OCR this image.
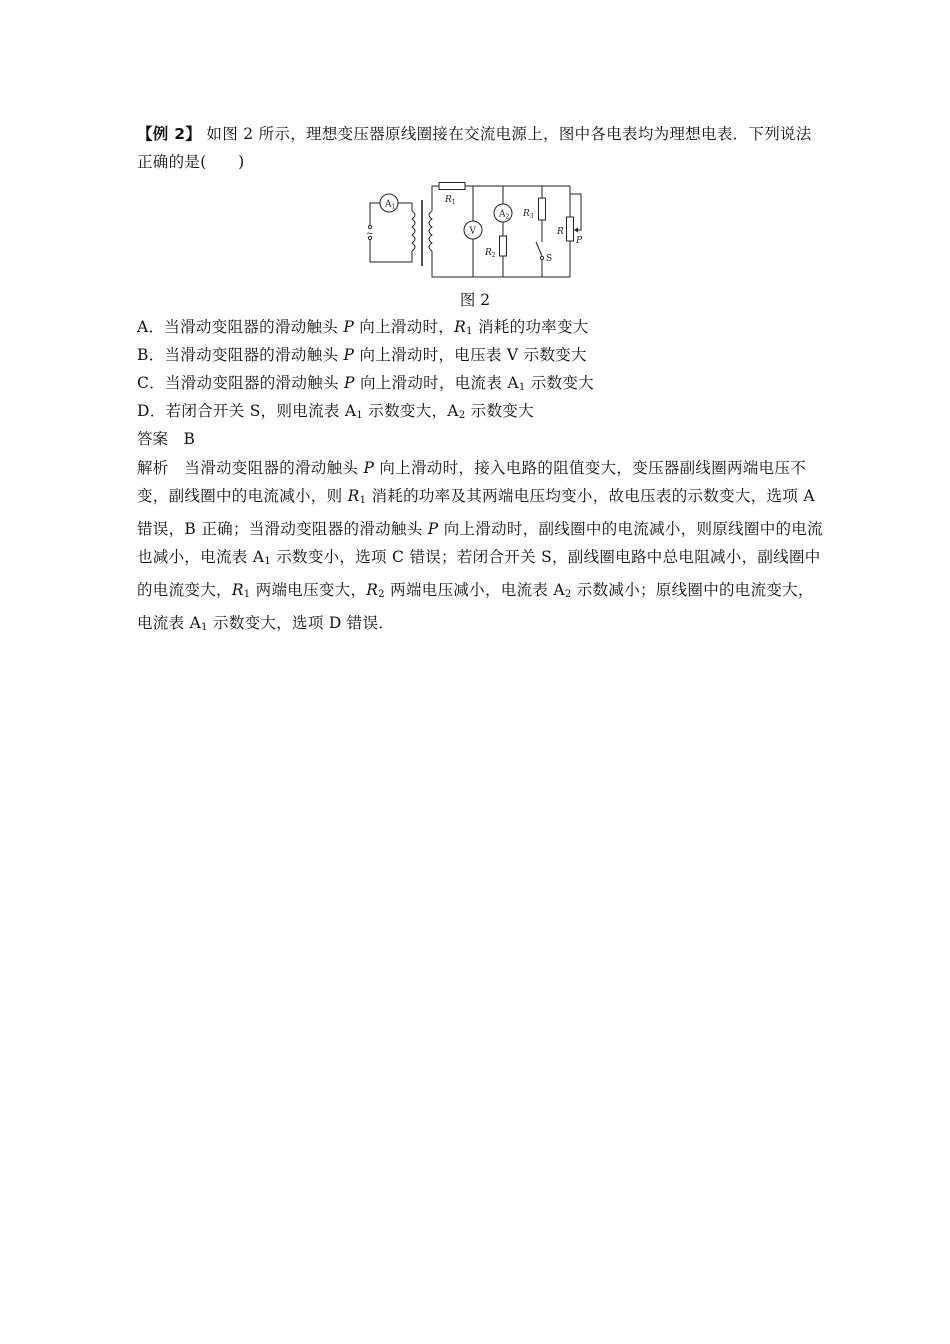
【例 2】 如图 2 所示，理想变压器原线圈接在交流电源上，图中各电表均为理想电表．下列说法正确的是(　　)
$A_1$
$R_1$
V
$A_2$
$R_2$
$R_3$
S
R
P
~
图 2
A．当滑动变阻器的滑动触头 P 向上滑动时，$R_1$ 消耗的功率变大
B．当滑动变阻器的滑动触头 P 向上滑动时，电压表 V 示数变大
C．当滑动变阻器的滑动触头 P 向上滑动时，电流表 $A_1$ 示数变大
D．若闭合开关 S，则电流表 $A_1$ 示数变大，$A_2$ 示数变大
答案　B

解析　当滑动变阻器的滑动触头 P 向上滑动时，接入电路的阻值变大，变压器副线圈两端电压不变，副线圈中的电流减小，则 $R_1$ 消耗的功率及其两端电压均变小，故电压表的示数变大，选项 A 错误，B 正确；当滑动变阻器的滑动触头 P 向上滑动时，副线圈中的电流减小，则原线圈中的电流也减小，电流表 $A_1$ 示数变小，选项 C 错误；若闭合开关 S，副线圈电路中总电阻减小，副线圈中的电流变大，$R_1$ 两端电压变大，$R_2$ 两端电压减小，电流表 $A_2$ 示数减小；原线圈中的电流变大，电流表 $A_1$ 示数变大，选项 D 错误．
